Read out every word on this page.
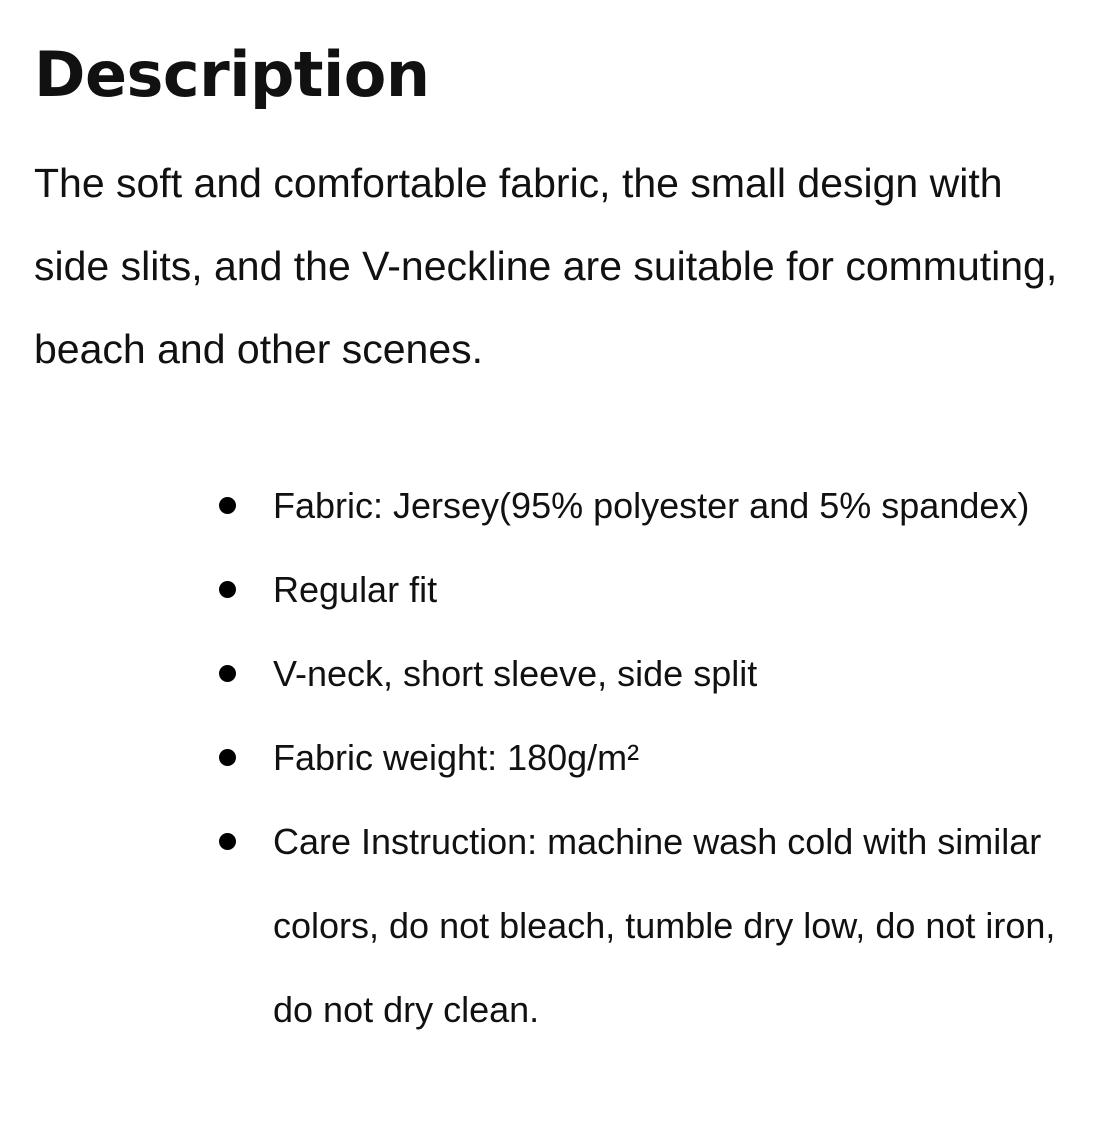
Description

The soft and comfortable fabric, the small design with side slits, and the V-neckline are suitable for commuting, beach and other scenes.

Fabric: Jersey(95% polyester and 5% spandex)
Regular fit
V-neck, short sleeve, side split
Fabric weight: 180g/m²
Care Instruction: machine wash cold with similar colors, do not bleach, tumble dry low, do not iron, do not dry clean.
